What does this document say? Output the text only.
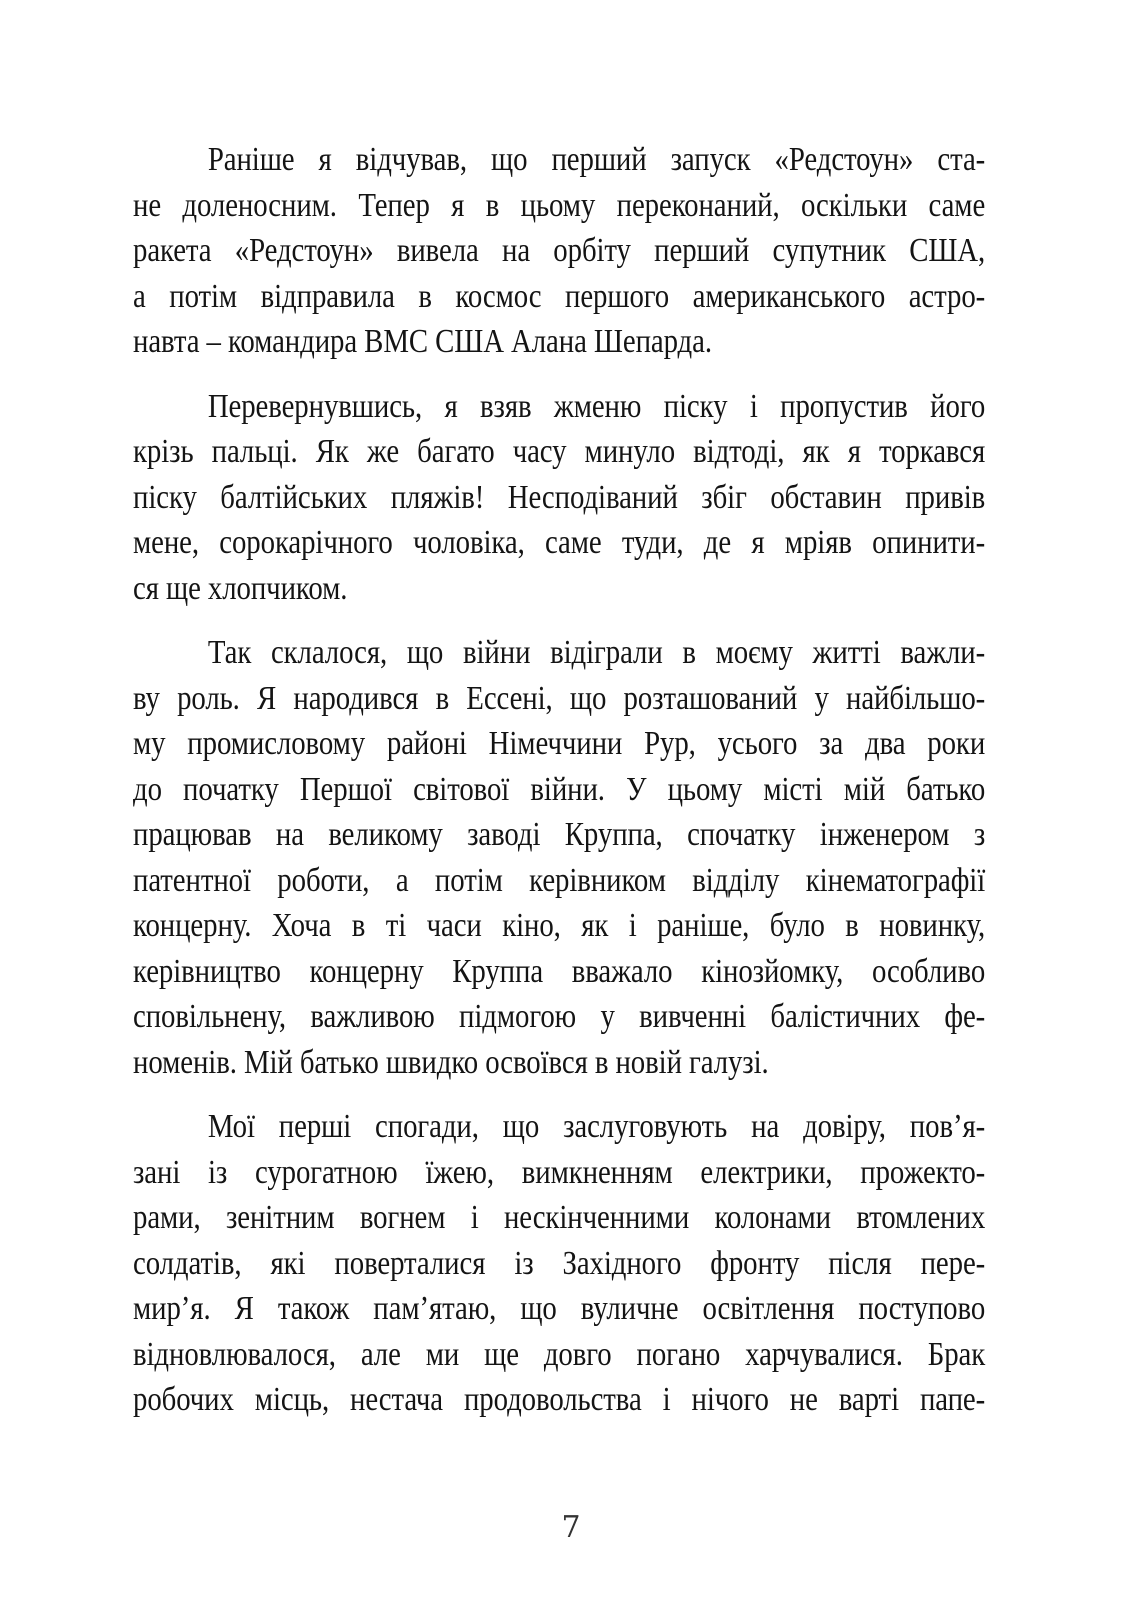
Раніше я відчував, що перший запуск «Редстоун» ста-
не доленосним. Тепер я в цьому переконаний, оскільки саме
ракета «Редстоун» вивела на орбіту перший супутник США,
а потім відправила в космос першого американського астро-
навта – командира ВМС США Алана Шепарда.

Перевернувшись, я взяв жменю піску і пропустив його
крізь пальці. Як же багато часу минуло відтоді, як я торкався
піску балтійських пляжів! Несподіваний збіг обставин привів
мене, сорокарічного чоловіка, саме туди, де я мріяв опинити-
ся ще хлопчиком.

Так склалося, що війни відіграли в моєму житті важли-
ву роль. Я народився в Ессені, що розташований у найбільшо-
му промисловому районі Німеччини Рур, усього за два роки
до початку Першої світової війни. У цьому місті мій батько
працював на великому заводі Круппа, спочатку інженером з
патентної роботи, а потім керівником відділу кінематографії
концерну. Хоча в ті часи кіно, як і раніше, було в новинку,
керівництво концерну Круппа вважало кінозйомку, особливо
сповільнену, важливою підмогою у вивченні балістичних фе-
номенів. Мій батько швидко освоївся в новій галузі.

Мої перші спогади, що заслуговують на довіру, пов’я-
зані із сурогатною їжею, вимкненням електрики, прожекто-
рами, зенітним вогнем і нескінченними колонами втомлених
солдатів, які поверталися із Західного фронту після пере-
мир’я. Я також пам’ятаю, що вуличне освітлення поступово
відновлювалося, але ми ще довго погано харчувалися. Брак
робочих місць, нестача продовольства і нічого не варті папе-

7
